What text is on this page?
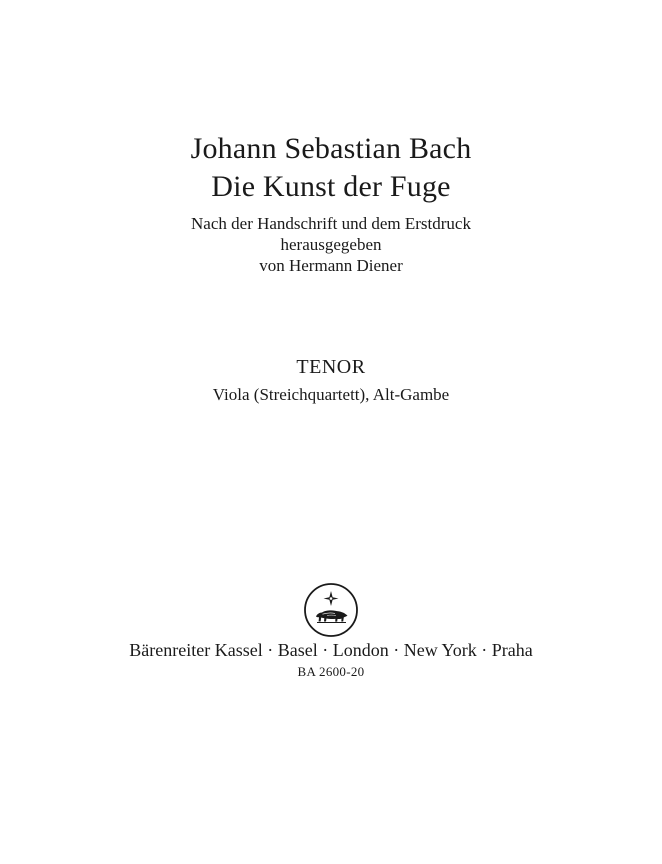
Johann Sebastian Bach
Die Kunst der Fuge
Nach der Handschrift und dem Erstdruck
herausgegeben
von Hermann Diener
TENOR
Viola (Streichquartett), Alt-Gambe
Bärenreiter Kassel · Basel · London · New York · Praha
BA 2600-20
